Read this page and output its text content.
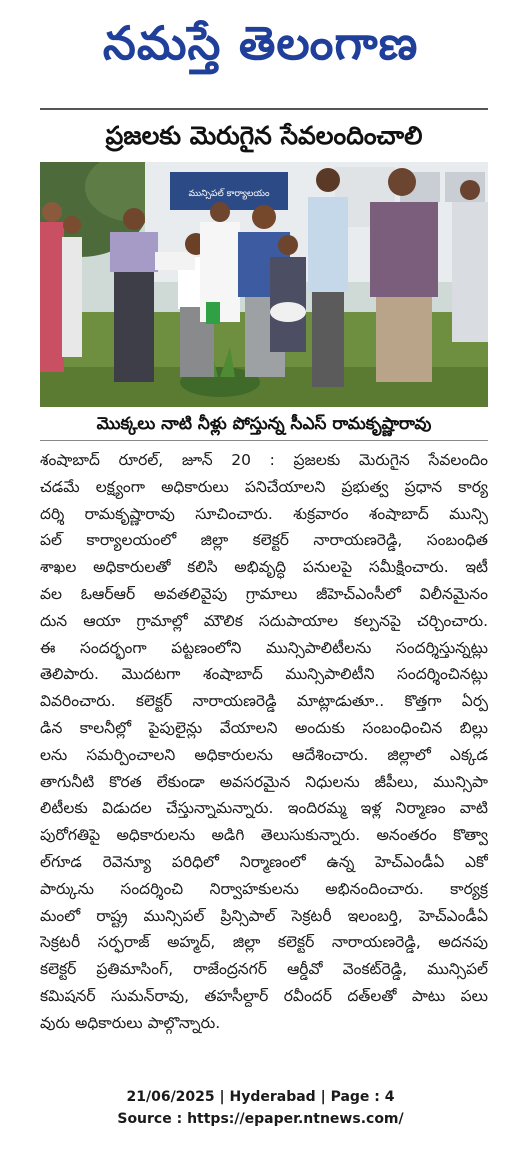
నమస్తే తెలంగాణ
ప్రజలకు మెరుగైన సేవలందించాలి
మున్సిపల్ కార్యాలయం
మొక్కలు నాటి నీళ్లు పోస్తున్న సీఎస్ రామకృష్ణారావు
శంషాబాద్ రూరల్, జూన్ 20 : ప్రజలకు మెరుగైన సేవలందిం
చడమే లక్ష్యంగా అధికారులు పనిచేయాలని ప్రభుత్వ ప్రధాన కార్య
దర్శి రామకృష్ణారావు సూచించారు. శుక్రవారం శంషాబాద్ మున్సి
పల్ కార్యాలయంలో జిల్లా కలెక్టర్ నారాయణరెడ్డి, సంబంధిత
శాఖల అధికారులతో కలిసి అభివృద్ధి పనులపై సమీక్షించారు. ఇటీ
వల ఓఆర్ఆర్ అవతలివైపు గ్రామాలు జీహెచ్ఎంసీలో విలీనమైనం
దున ఆయా గ్రామాల్లో మౌలిక సదుపాయాల కల్పనపై చర్చించారు.
ఈ సందర్భంగా పట్టణంలోని మున్సిపాలిటీలను సందర్శిస్తున్నట్లు
తెలిపారు. మొదటగా శంషాబాద్ మున్సిపాలిటీని సందర్శించినట్లు
వివరించారు. కలెక్టర్ నారాయణరెడ్డి మాట్లాడుతూ.. కొత్తగా ఏర్ప
డిన కాలనీల్లో పైపులైన్లు వేయాలని అందుకు సంబంధించిన బిల్లు
లను సమర్పించాలని అధికారులను ఆదేశించారు. జిల్లాలో ఎక్కడ
తాగునీటి కొరత లేకుండా అవసరమైన నిధులను జీపీలు, మున్సిపా
లిటీలకు విడుదల చేస్తున్నామన్నారు. ఇందిరమ్మ ఇళ్ల నిర్మాణం వాటి
పురోగతిపై అధికారులను అడిగి తెలుసుకున్నారు. అనంతరం కొత్వా
ల్‌గూడ రెవెన్యూ పరిధిలో నిర్మాణంలో ఉన్న హెచ్ఎండీఏ ఎకో
పార్కును సందర్శించి నిర్వాహకులను అభినందించారు. కార్యక్ర
మంలో రాష్ట్ర మున్సిపల్ ప్రిన్సిపాల్ సెక్రటరీ ఇలంబర్తి, హెచ్ఎండీఏ
సెక్రటరీ సర్ఫరాజ్ అహ్మద్, జిల్లా కలెక్టర్ నారాయణరెడ్డి, అదనపు
కలెక్టర్ ప్రతిమాసింగ్, రాజేంద్రనగర్ ఆర్డీవో వెంకట్‌రెడ్డి, మున్సిపల్
కమిషనర్ సుమన్‌రావు, తహసీల్దార్ రవీందర్ దత్‌లతో పాటు పలు
వురు అధికారులు పాల్గొన్నారు.
21/06/2025 | Hyderabad | Page : 4
Source : https://epaper.ntnews.com/
